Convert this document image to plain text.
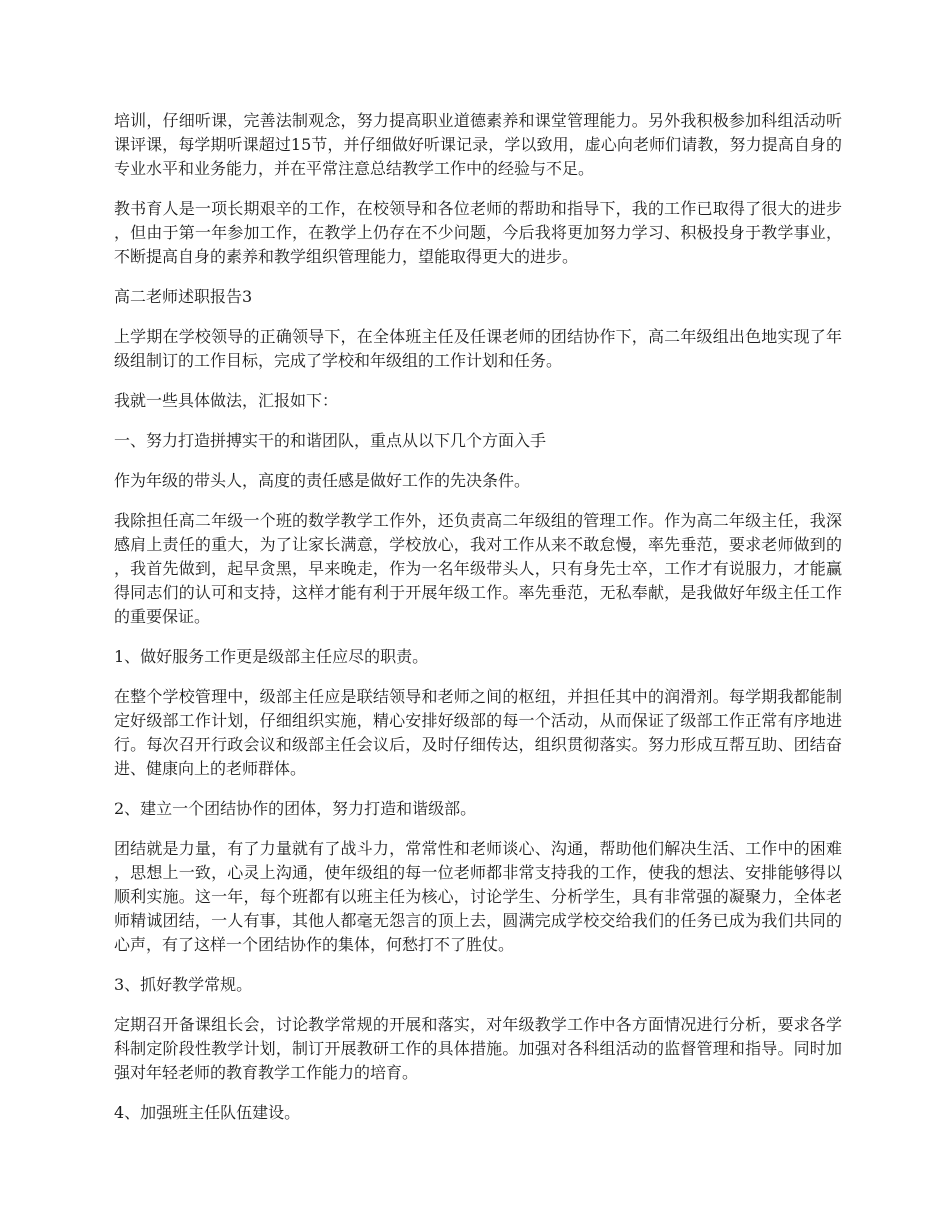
培训，仔细听课，完善法制观念，努力提高职业道德素养和课堂管理能力。另外我积极参加科组活动听课评课，每学期听课超过15节，并仔细做好听课记录，学以致用，虚心向老师们请教，努力提高自身的专业水平和业务能力，并在平常注意总结教学工作中的经验与不足。

教书育人是一项长期艰辛的工作，在校领导和各位老师的帮助和指导下，我的工作已取得了很大的进步，但由于第一年参加工作，在教学上仍存在不少问题，今后我将更加努力学习、积极投身于教学事业，不断提高自身的素养和教学组织管理能力，望能取得更大的进步。

高二老师述职报告3

上学期在学校领导的正确领导下，在全体班主任及任课老师的团结协作下，高二年级组出色地实现了年级组制订的工作目标，完成了学校和年级组的工作计划和任务。

我就一些具体做法，汇报如下：

一、努力打造拼搏实干的和谐团队，重点从以下几个方面入手

作为年级的带头人，高度的责任感是做好工作的先决条件。

我除担任高二年级一个班的数学教学工作外，还负责高二年级组的管理工作。作为高二年级主任，我深感肩上责任的重大，为了让家长满意，学校放心，我对工作从来不敢怠慢，率先垂范，要求老师做到的，我首先做到，起早贪黑，早来晚走，作为一名年级带头人，只有身先士卒，工作才有说服力，才能赢得同志们的认可和支持，这样才能有利于开展年级工作。率先垂范，无私奉献，是我做好年级主任工作的重要保证。

1、做好服务工作更是级部主任应尽的职责。

在整个学校管理中，级部主任应是联结领导和老师之间的枢纽，并担任其中的润滑剂。每学期我都能制定好级部工作计划，仔细组织实施，精心安排好级部的每一个活动，从而保证了级部工作正常有序地进行。每次召开行政会议和级部主任会议后，及时仔细传达，组织贯彻落实。努力形成互帮互助、团结奋进、健康向上的老师群体。

2、建立一个团结协作的团体，努力打造和谐级部。

团结就是力量，有了力量就有了战斗力，常常性和老师谈心、沟通，帮助他们解决生活、工作中的困难，思想上一致，心灵上沟通，使年级组的每一位老师都非常支持我的工作，使我的想法、安排能够得以顺利实施。这一年，每个班都有以班主任为核心，讨论学生、分析学生，具有非常强的凝聚力，全体老师精诚团结，一人有事，其他人都毫无怨言的顶上去，圆满完成学校交给我们的任务已成为我们共同的心声，有了这样一个团结协作的集体，何愁打不了胜仗。

3、抓好教学常规。

定期召开备课组长会，讨论教学常规的开展和落实，对年级教学工作中各方面情况进行分析，要求各学科制定阶段性教学计划，制订开展教研工作的具体措施。加强对各科组活动的监督管理和指导。同时加强对年轻老师的教育教学工作能力的培育。

4、加强班主任队伍建设。
